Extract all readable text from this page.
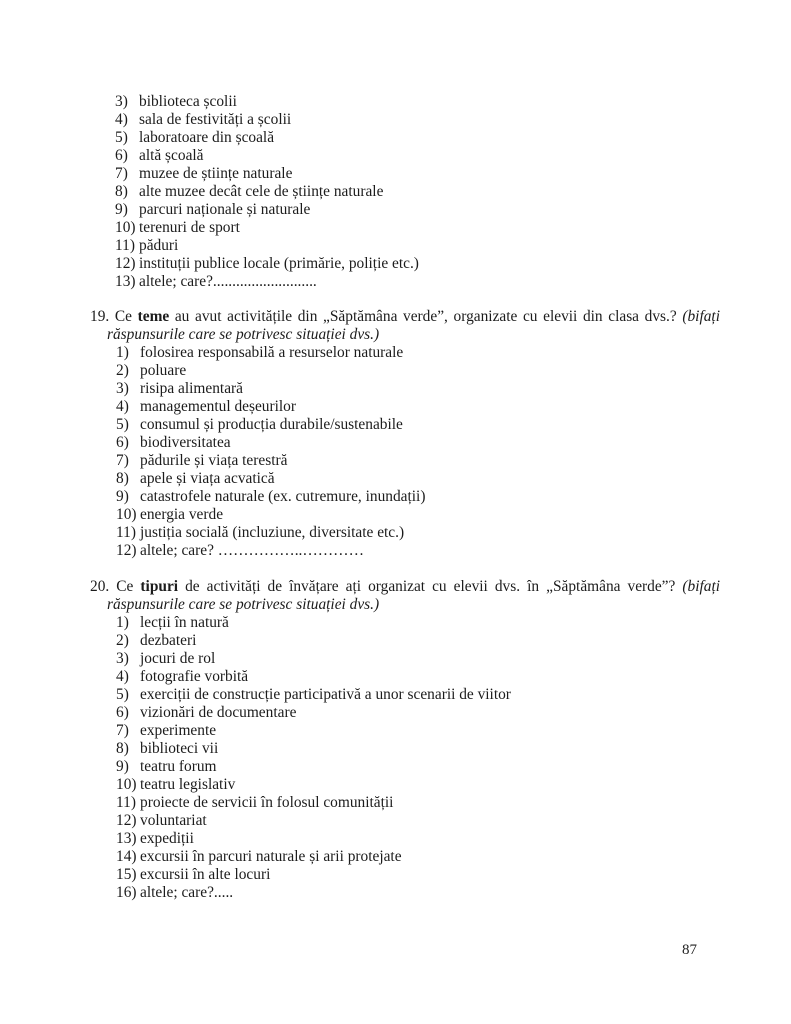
3) biblioteca școlii
4) sala de festivități a școlii
5) laboratoare din școală
6) altă școală
7) muzee de științe naturale
8) alte muzee decât cele de științe naturale
9) parcuri naționale și naturale
10) terenuri de sport
11) păduri
12) instituții publice locale (primărie, poliție etc.)
13) altele; care?...........................

19. Ce teme au avut activitățile din „Săptămâna verde”, organizate cu elevii din clasa dvs.? (bifați răspunsurile care se potrivesc situației dvs.)

1) folosirea responsabilă a resurselor naturale
2) poluare
3) risipa alimentară
4) managementul deșeurilor
5) consumul și producția durabile/sustenabile
6) biodiversitatea
7) pădurile și viața terestră
8) apele și viața acvatică
9) catastrofele naturale (ex. cutremure, inundații)
10) energia verde
11) justiția socială (incluziune, diversitate etc.)
12) altele; care? ……………..…………

20. Ce tipuri de activități de învățare ați organizat cu elevii dvs. în „Săptămâna verde”? (bifați răspunsurile care se potrivesc situației dvs.)

1) lecții în natură
2) dezbateri
3) jocuri de rol
4) fotografie vorbită
5) exerciții de construcție participativă a unor scenarii de viitor
6) vizionări de documentare
7) experimente
8) biblioteci vii
9) teatru forum
10) teatru legislativ
11) proiecte de servicii în folosul comunității
12) voluntariat
13) expediții
14) excursii în parcuri naturale și arii protejate
15) excursii în alte locuri
16) altele; care?.....
87
